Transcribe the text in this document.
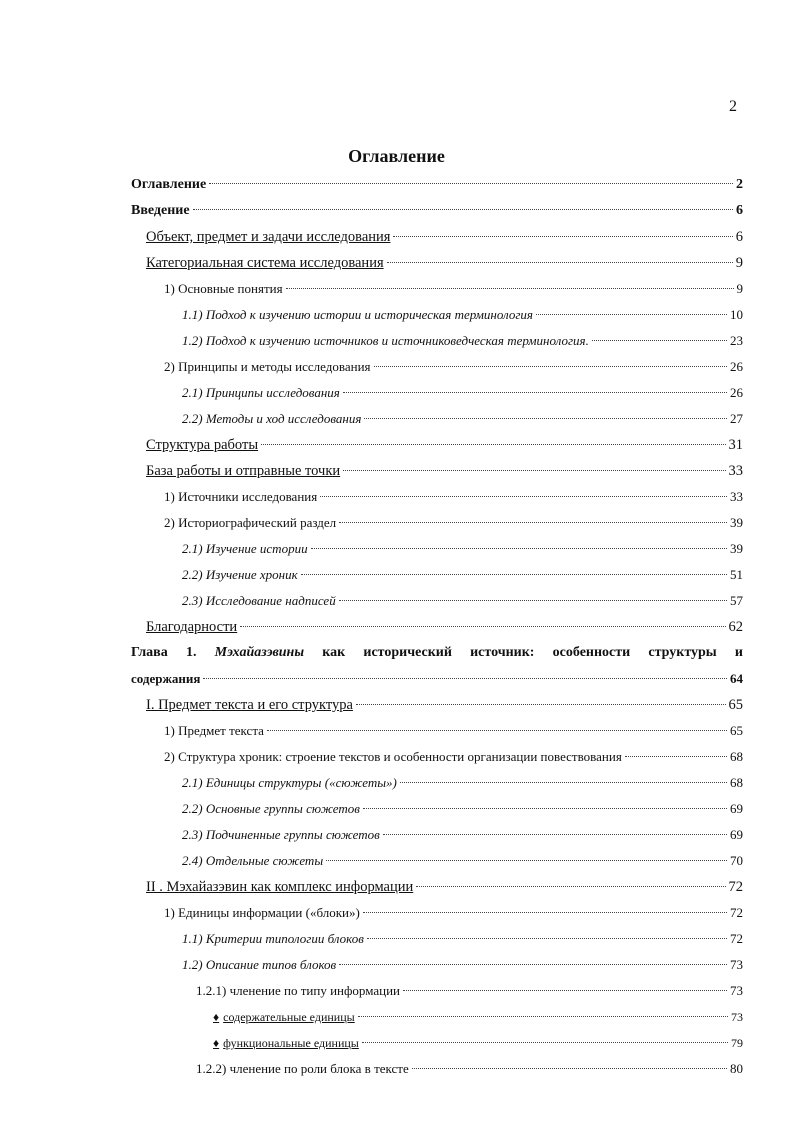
2
Оглавление
Оглавление	2
Введение	6
Объект, предмет и задачи исследования	6
Категориальная система исследования	9
1) Основные понятия	9
1.1) Подход к изучению истории и историческая терминология	10
1.2) Подход к изучению источников и источниковедческая терминология.	23
2) Принципы и методы исследования	26
2.1) Принципы исследования	26
2.2) Методы и ход исследования	27
Структура работы	31
База работы и отправные точки	33
1) Источники исследования	33
2) Историографический раздел	39
2.1) Изучение истории	39
2.2) Изучение хроник	51
2.3) Исследование надписей	57
Благодарности	62
Глава 1. Мэхайазэвины как исторический источник: особенности структуры и
содержания	64
I. Предмет текста и его структура	65
1) Предмет текста	65
2) Структура хроник: строение текстов и особенности организации повествования	68
2.1) Единицы структуры («сюжеты»)	68
2.2) Основные группы сюжетов	69
2.3) Подчиненные группы сюжетов	69
2.4) Отдельные сюжеты	70
II . Мэхайазэвин как комплекс информации	72
1) Единицы информации («блоки»)	72
1.1) Критерии типологии блоков	72
1.2) Описание типов блоков	73
1.2.1) членение по типу информации	73
♦ содержательные единицы	73
♦ функциональные единицы	79
1.2.2) членение по роли блока в тексте	80
